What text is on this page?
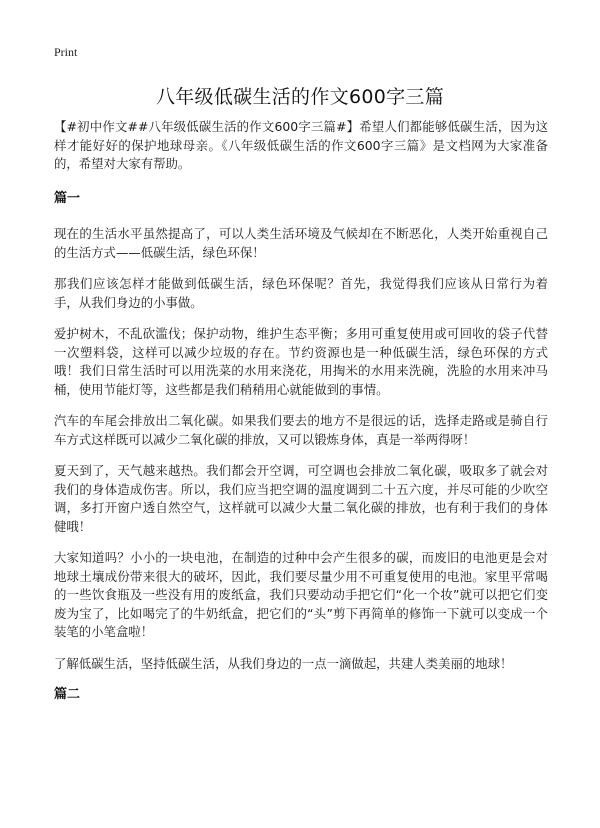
Print
八年级低碳生活的作文600字三篇

【#初中作文##八年级低碳生活的作文600字三篇#】希望人们都能够低碳生活，因为这样才能好好的保护地球母亲。《八年级低碳生活的作文600字三篇》是文档网为大家准备的，希望对大家有帮助。

篇一

现在的生活水平虽然提高了，可以人类生活环境及气候却在不断恶化，人类开始重视自己的生活方式——低碳生活，绿色环保！

那我们应该怎样才能做到低碳生活，绿色环保呢？首先，我觉得我们应该从日常行为着手，从我们身边的小事做。

爱护树木，不乱砍滥伐；保护动物，维护生态平衡；多用可重复使用或可回收的袋子代替一次塑料袋，这样可以减少垃圾的存在。节约资源也是一种低碳生活，绿色环保的方式哦！我们日常生活时可以用洗菜的水用来浇花，用掏米的水用来洗碗，洗脸的水用来冲马桶，使用节能灯等，这些都是我们稍稍用心就能做到的事情。

汽车的车尾会排放出二氧化碳。如果我们要去的地方不是很远的话，选择走路或是骑自行车方式这样既可以减少二氧化碳的排放，又可以锻炼身体，真是一举两得呀！

夏天到了，天气越来越热。我们都会开空调，可空调也会排放二氧化碳，吸取多了就会对我们的身体造成伤害。所以，我们应当把空调的温度调到二十五六度，并尽可能的少吹空调，多打开窗户透自然空气，这样就可以减少大量二氧化碳的排放，也有利于我们的身体健哦！

大家知道吗？小小的一块电池，在制造的过种中会产生很多的碳，而废旧的电池更是会对地球土壤成份带来很大的破坏，因此，我们要尽量少用不可重复使用的电池。家里平常喝的一些饮食瓶及一些没有用的废纸盒，我们只要动动手把它们“化一个妆”就可以把它们变废为宝了，比如喝完了的牛奶纸盒，把它们的“头”剪下再简单的修饰一下就可以变成一个装笔的小笔盒啦！

了解低碳生活，坚持低碳生活，从我们身边的一点一滴做起，共建人类美丽的地球！

篇二
